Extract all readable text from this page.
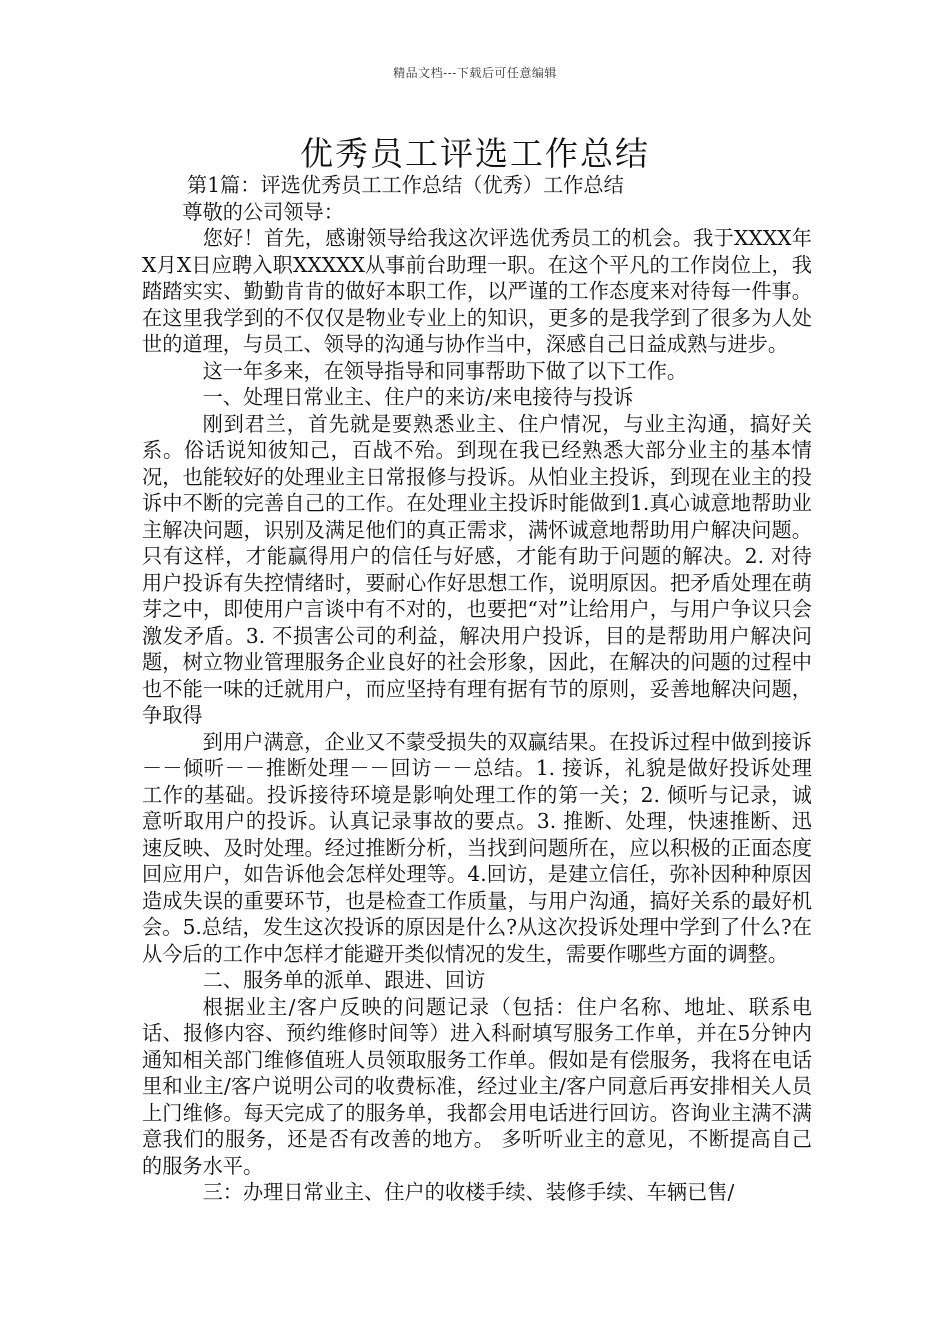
精品文档---下载后可任意编辑
优秀员工评选工作总结

第1篇：评选优秀员工工作总结（优秀）工作总结

尊敬的公司领导：

您好！首先，感谢领导给我这次评选优秀员工的机会。我于XXXX年X月X日应聘入职XXXXX从事前台助理一职。在这个平凡的工作岗位上，我踏踏实实、勤勤肯肯的做好本职工作，以严谨的工作态度来对待每一件事。在这里我学到的不仅仅是物业专业上的知识，更多的是我学到了很多为人处世的道理，与员工、领导的沟通与协作当中，深感自己日益成熟与进步。

这一年多来，在领导指导和同事帮助下做了以下工作。

一、处理日常业主、住户的来访/来电接待与投诉

刚到君兰，首先就是要熟悉业主、住户情况，与业主沟通，搞好关系。俗话说知彼知己，百战不殆。到现在我已经熟悉大部分业主的基本情况，也能较好的处理业主日常报修与投诉。从怕业主投诉，到现在业主的投诉中不断的完善自己的工作。在处理业主投诉时能做到1.真心诚意地帮助业主解决问题，识别及满足他们的真正需求，满怀诚意地帮助用户解决问题。只有这样，才能赢得用户的信任与好感，才能有助于问题的解决。2. 对待用户投诉有失控情绪时，要耐心作好思想工作，说明原因。把矛盾处理在萌芽之中，即使用户言谈中有不对的，也要把“对”让给用户，与用户争议只会激发矛盾。3. 不损害公司的利益，解决用户投诉，目的是帮助用户解决问题，树立物业管理服务企业良好的社会形象，因此，在解决的问题的过程中也不能一味的迁就用户，而应坚持有理有据有节的原则，妥善地解决问题，争取得

到用户满意，企业又不蒙受损失的双赢结果。在投诉过程中做到接诉－－倾听－－推断处理－－回访－－总结。1. 接诉，礼貌是做好投诉处理工作的基础。投诉接待环境是影响处理工作的第一关；2. 倾听与记录，诚意听取用户的投诉。认真记录事故的要点。3. 推断、处理，快速推断、迅速反映、及时处理。经过推断分析，当找到问题所在，应以积极的正面态度回应用户，如告诉他会怎样处理等。4.回访，是建立信任，弥补因种种原因造成失误的重要环节，也是检查工作质量，与用户沟通，搞好关系的最好机会。5.总结，发生这次投诉的原因是什么?从这次投诉处理中学到了什么?在从今后的工作中怎样才能避开类似情况的发生，需要作哪些方面的调整。

二、服务单的派单、跟进、回访

根据业主/客户反映的问题记录（包括：住户名称、地址、联系电话、报修内容、预约维修时间等）进入科耐填写服务工作单，并在5分钟内通知相关部门维修值班人员领取服务工作单。假如是有偿服务，我将在电话里和业主/客户说明公司的收费标准，经过业主/客户同意后再安排相关人员上门维修。每天完成了的服务单，我都会用电话进行回访。咨询业主满不满意我们的服务，还是否有改善的地方。 多听听业主的意见，不断提高自己的服务水平。

三：办理日常业主、住户的收楼手续、装修手续、车辆已售/
